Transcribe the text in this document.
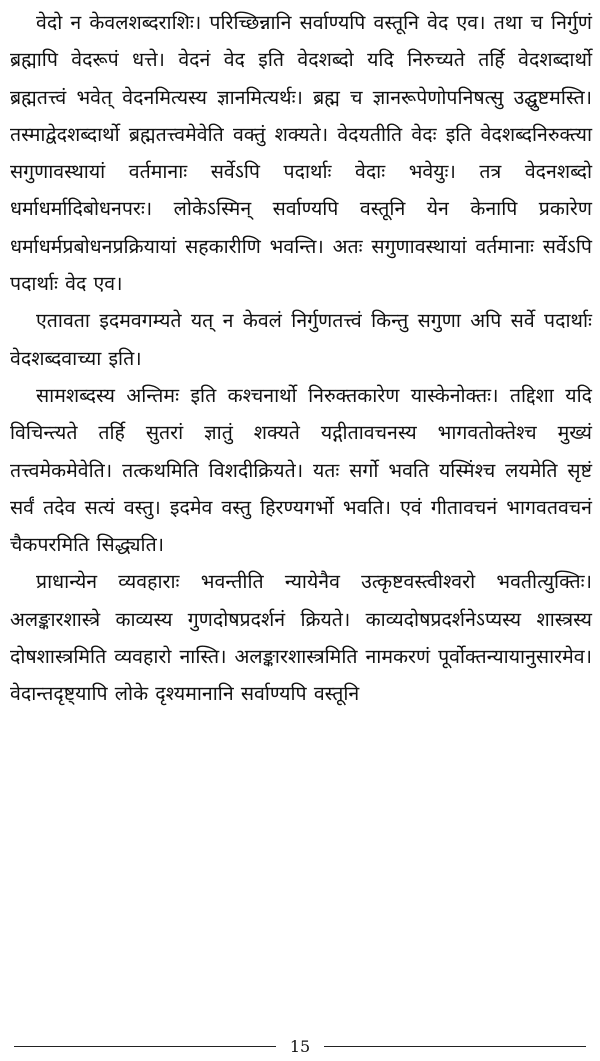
वेदो न केवलशब्दराशिः। परिच्छिन्नानि सर्वाण्यपि वस्तूनि वेद एव। तथा च निर्गुणं ब्रह्मापि वेदरूपं धत्ते। वेदनं वेद इति वेदशब्दो यदि निरुच्यते तर्हि वेदशब्दार्थो ब्रह्मतत्त्वं भवेत्‌ वेदनमित्यस्य ज्ञानमित्यर्थः। ब्रह्म च ज्ञानरूपेणोपनिषत्सु उद्घुष्टमस्ति। तस्माद्वेदशब्दार्थो ब्रह्मतत्त्वमेवेति वक्तुं शक्यते। वेदयतीति वेदः इति वेदशब्दनिरुक्त्या सगुणावस्थायां वर्तमानाः सर्वेऽपि पदार्थाः वेदाः भवेयुः। तत्र वेदनशब्दो धर्माधर्मादिबोधनपरः। लोकेऽस्मिन्‌ सर्वाण्यपि वस्तूनि येन केनापि प्रकारेण धर्माधर्मप्रबोधनप्रक्रियायां सहकारीणि भवन्ति। अतः सगुणावस्थायां वर्तमानाः सर्वेऽपि पदार्थाः वेद एव।

एतावता इदमवगम्यते यत्‌ न केवलं निर्गुणतत्त्वं किन्तु सगुणा अपि सर्वे पदार्थाः वेदशब्दवाच्या इति।

सामशब्दस्य अन्तिमः इति कश्चनार्थो निरुक्तकारेण यास्केनोक्तः। तद्दिशा यदि विचिन्त्यते तर्हि सुतरां ज्ञातुं शक्यते यद्गीतावचनस्य भागवतोक्तेश्च मुख्यं तत्त्वमेकमेवेति। तत्कथमिति विशदीक्रियते। यतः सर्गो भवति यस्मिंश्च लयमेति सृष्टं सर्वं तदेव सत्यं वस्तु। इदमेव वस्तु हिरण्यगर्भो भवति। एवं गीतावचनं भागवतवचनं चैकपरमिति सिद्ध्यति।

प्राधान्येन व्यवहाराः भवन्तीति न्यायेनैव उत्कृष्टवस्त्वीश्वरो भवतीत्युक्तिः। अलङ्कारशास्त्रे काव्यस्य गुणदोषप्रदर्शनं क्रियते। काव्यदोषप्रदर्शनेऽप्यस्य शास्त्रस्य दोषशास्त्रमिति व्यवहारो नास्ति। अलङ्कारशास्त्रमिति नामकरणं पूर्वोक्तन्यायानुसारमेव। वेदान्तदृष्ट्यापि लोके दृश्यमानानि सर्वाण्यपि वस्तूनि

15
